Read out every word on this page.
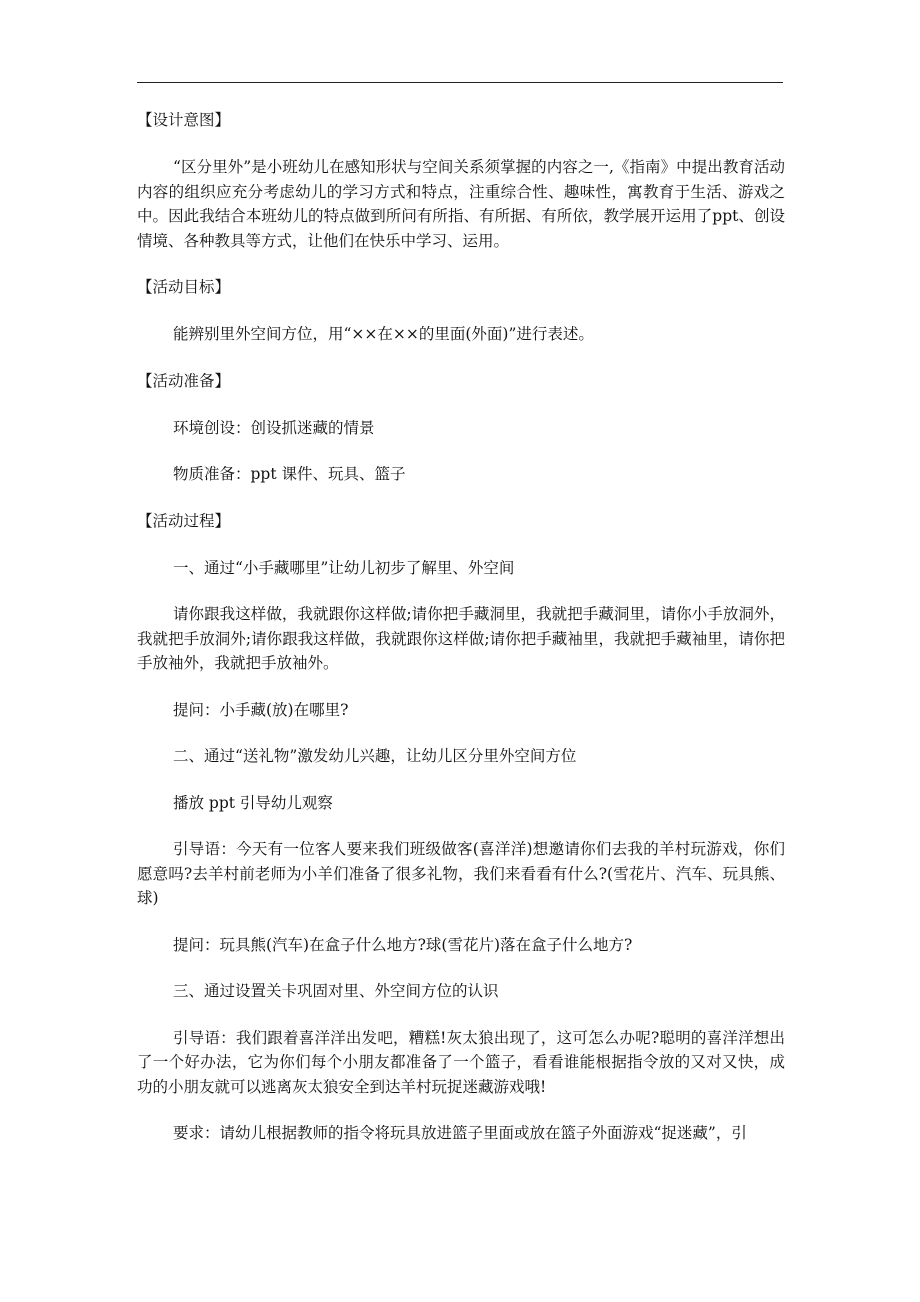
【设计意图】

“区分里外”是小班幼儿在感知形状与空间关系须掌握的内容之一,《指南》中提出教育活动内容的组织应充分考虑幼儿的学习方式和特点，注重综合性、趣味性，寓教育于生活、游戏之中。因此我结合本班幼儿的特点做到所问有所指、有所据、有所依，教学展开运用了ppt、创设情境、各种教具等方式，让他们在快乐中学习、运用。

【活动目标】

能辨别里外空间方位，用“××在××的里面(外面)”进行表述。

【活动准备】

环境创设：创设抓迷藏的情景

物质准备：ppt 课件、玩具、篮子

【活动过程】

一、通过“小手藏哪里”让幼儿初步了解里、外空间

请你跟我这样做，我就跟你这样做;请你把手藏洞里，我就把手藏洞里，请你小手放洞外，我就把手放洞外;请你跟我这样做，我就跟你这样做;请你把手藏袖里，我就把手藏袖里，请你把手放袖外，我就把手放袖外。

提问：小手藏(放)在哪里?

二、通过“送礼物”激发幼儿兴趣，让幼儿区分里外空间方位

播放 ppt 引导幼儿观察

引导语：今天有一位客人要来我们班级做客(喜洋洋)想邀请你们去我的羊村玩游戏，你们愿意吗?去羊村前老师为小羊们准备了很多礼物，我们来看看有什么?(雪花片、汽车、玩具熊、球)

提问：玩具熊(汽车)在盒子什么地方?球(雪花片)落在盒子什么地方?

三、通过设置关卡巩固对里、外空间方位的认识

引导语：我们跟着喜洋洋出发吧，糟糕!灰太狼出现了，这可怎么办呢?聪明的喜洋洋想出了一个好办法，它为你们每个小朋友都准备了一个篮子，看看谁能根据指令放的又对又快，成功的小朋友就可以逃离灰太狼安全到达羊村玩捉迷藏游戏哦!

要求：请幼儿根据教师的指令将玩具放进篮子里面或放在篮子外面游戏“捉迷藏”，引
